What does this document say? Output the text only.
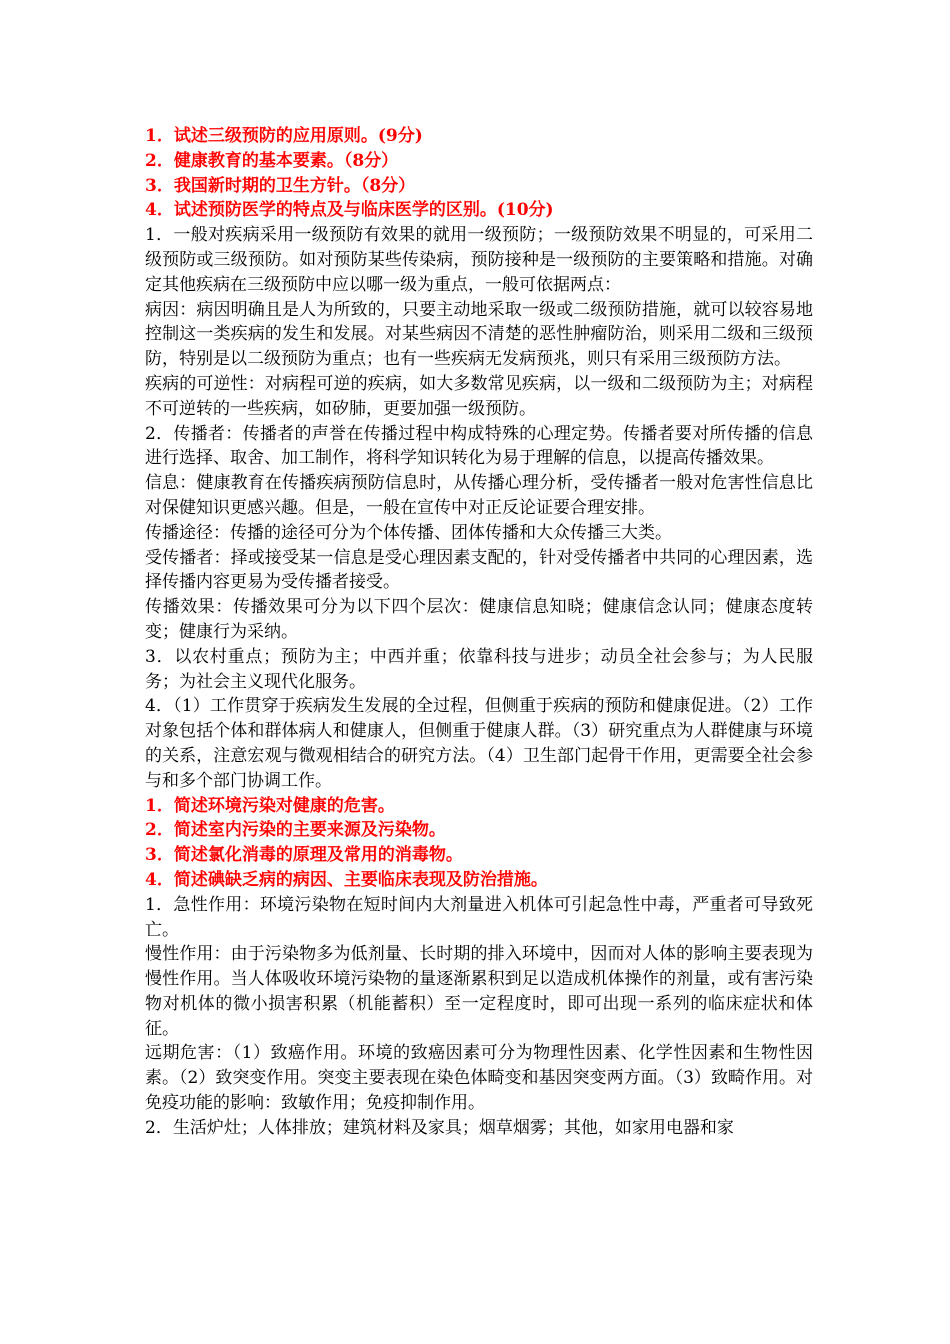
1．试述三级预防的应用原则。(9分)

2．健康教育的基本要素。（8分）

3．我国新时期的卫生方针。（8分）

4．试述预防医学的特点及与临床医学的区别。(10分)

1．一般对疾病采用一级预防有效果的就用一级预防；一级预防效果不明显的，可采用二级预防或三级预防。如对预防某些传染病，预防接种是一级预防的主要策略和措施。对确定其他疾病在三级预防中应以哪一级为重点，一般可依据两点：

病因：病因明确且是人为所致的，只要主动地采取一级或二级预防措施，就可以较容易地控制这一类疾病的发生和发展。对某些病因不清楚的恶性肿瘤防治，则采用二级和三级预防，特别是以二级预防为重点；也有一些疾病无发病预兆，则只有采用三级预防方法。

疾病的可逆性：对病程可逆的疾病，如大多数常见疾病，以一级和二级预防为主；对病程不可逆转的一些疾病，如矽肺，更要加强一级预防。

2．传播者：传播者的声誉在传播过程中构成特殊的心理定势。传播者要对所传播的信息进行选择、取舍、加工制作，将科学知识转化为易于理解的信息，以提高传播效果。

信息：健康教育在传播疾病预防信息时，从传播心理分析，受传播者一般对危害性信息比对保健知识更感兴趣。但是，一般在宣传中对正反论证要合理安排。

传播途径：传播的途径可分为个体传播、团体传播和大众传播三大类。

受传播者：择或接受某一信息是受心理因素支配的，针对受传播者中共同的心理因素，选择传播内容更易为受传播者接受。

传播效果：传播效果可分为以下四个层次：健康信息知晓；健康信念认同；健康态度转变；健康行为采纳。

3．以农村重点；预防为主；中西并重；依靠科技与进步；动员全社会参与；为人民服务；为社会主义现代化服务。

4．（1）工作贯穿于疾病发生发展的全过程，但侧重于疾病的预防和健康促进。（2）工作对象包括个体和群体病人和健康人，但侧重于健康人群。（3）研究重点为人群健康与环境的关系，注意宏观与微观相结合的研究方法。（4）卫生部门起骨干作用，更需要全社会参与和多个部门协调工作。

1．简述环境污染对健康的危害。

2．简述室内污染的主要来源及污染物。

3．简述氯化消毒的原理及常用的消毒物。

4．简述碘缺乏病的病因、主要临床表现及防治措施。

1．急性作用：环境污染物在短时间内大剂量进入机体可引起急性中毒，严重者可导致死亡。

慢性作用：由于污染物多为低剂量、长时期的排入环境中，因而对人体的影响主要表现为慢性作用。当人体吸收环境污染物的量逐渐累积到足以造成机体操作的剂量，或有害污染物对机体的微小损害积累（机能蓄积）至一定程度时，即可出现一系列的临床症状和体征。

远期危害：（1）致癌作用。环境的致癌因素可分为物理性因素、化学性因素和生物性因素。（2）致突变作用。突变主要表现在染色体畸变和基因突变两方面。（3）致畸作用。对免疫功能的影响：致敏作用；免疫抑制作用。

2．生活炉灶；人体排放；建筑材料及家具；烟草烟雾；其他，如家用电器和家
